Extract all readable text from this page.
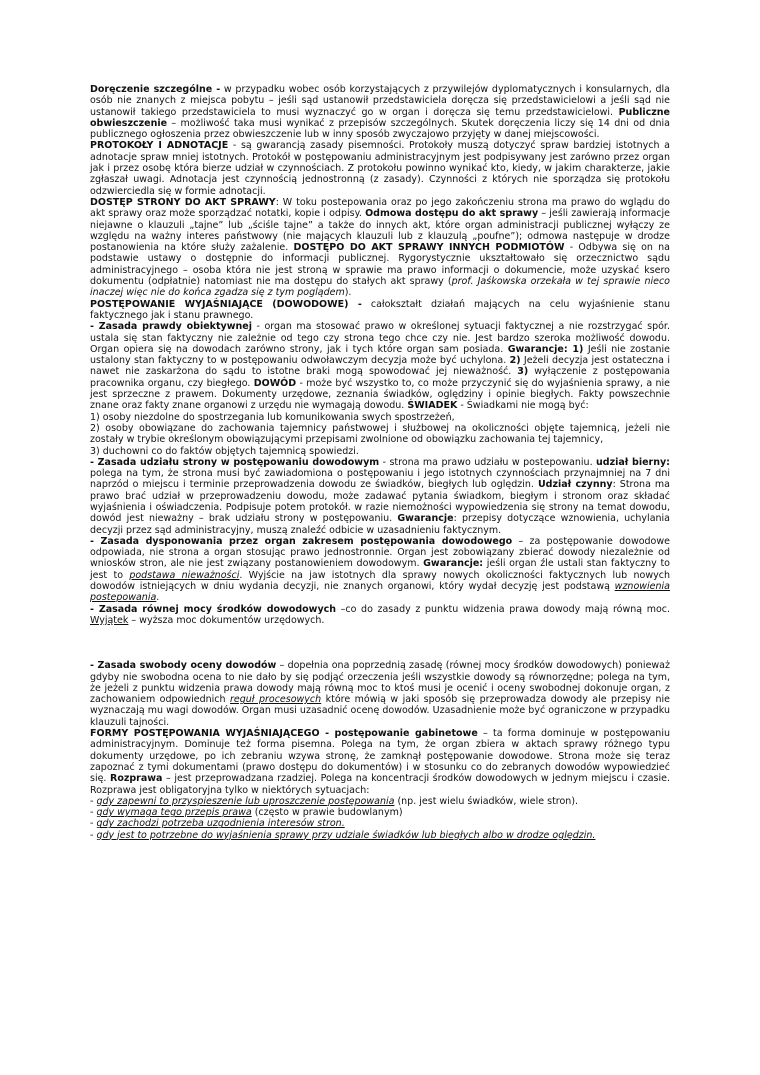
Doręczenie szczególne - w przypadku wobec osób korzystających z przywilejów dyplomatycznych i konsularnych, dla osób nie znanych z miejsca pobytu – jeśli sąd ustanowił przedstawiciela doręcza się przedstawicielowi a jeśli sąd nie ustanowił takiego przedstawiciela to musi wyznaczyć go w organ i doręcza się temu przedstawicielowi. Publiczne obwieszczenie – możliwość taka musi wynikać z przepisów szczególnych. Skutek doręczenia liczy się 14 dni od dnia publicznego ogłoszenia przez obwieszczenie lub w inny sposób zwyczajowo przyjęty w danej miejscowości.

PROTOKOŁY I ADNOTACJE - są gwarancją zasady pisemności. Protokoły muszą dotyczyć spraw bardziej istotnych a adnotacje spraw mniej istotnych. Protokół w postępowaniu administracyjnym jest podpisywany jest zarówno przez organ jak i przez osobę która bierze udział w czynnościach. Z protokołu powinno wynikać kto, kiedy, w jakim charakterze, jakie zgłaszał uwagi. Adnotacja jest czynnością jednostronną (z zasady). Czynności z których nie sporządza się protokołu odzwierciedla się w formie adnotacji.

DOSTĘP STRONY DO AKT SPRAWY: W toku postepowania oraz po jego zakończeniu strona ma prawo do wglądu do akt sprawy oraz może sporządzać notatki, kopie i odpisy. Odmowa dostępu do akt sprawy – jeśli zawierają informacje niejawne o klauzuli „tajne” lub „ściśle tajne” a także do innych akt, które organ administracji publicznej wyłączy ze względu na ważny interes państwowy (nie mających klauzuli lub z klauzulą „poufne”); odmowa następuje w drodze postanowienia na które służy zażalenie. DOSTĘPO DO AKT SPRAWY INNYCH PODMIOTÓW - Odbywa się on na podstawie ustawy o dostępnie do informacji publicznej. Rygorystycznie ukształtowało się orzecznictwo sądu administracyjnego – osoba która nie jest stroną w sprawie ma prawo informacji o dokumencie, może uzyskać ksero dokumentu (odpłatnie) natomiast nie ma dostępu do stałych akt sprawy (prof. Jaśkowska orzekała w tej sprawie nieco inaczej więc nie do końca zgadza się z tym poglądem).

POSTĘPOWANIE WYJAŚNIAJĄCE (DOWODOWE) - całokształt działań mających na celu wyjaśnienie stanu faktycznego jak i stanu prawnego.

- Zasada prawdy obiektywnej - organ ma stosować prawo w określonej sytuacji faktycznej a nie rozstrzygać spór. ustala się stan faktyczny nie zależnie od tego czy strona tego chce czy nie. Jest bardzo szeroka możliwość dowodu. Organ opiera się na dowodach zarówno strony, jak i tych które organ sam posiada. Gwarancje: 1) Jeśli nie zostanie ustalony stan faktyczny to w postępowaniu odwoławczym decyzja może być uchylona. 2) Jeżeli decyzja jest ostateczna i nawet nie zaskarżona do sądu to istotne braki mogą spowodować jej nieważność. 3) wyłączenie z postępowania pracownika organu, czy biegłego. DOWÓD - może być wszystko to, co może przyczynić się do wyjaśnienia sprawy, a nie jest sprzeczne z prawem. Dokumenty urzędowe, zeznania świadków, oględziny i opinie biegłych. Fakty powszechnie znane oraz fakty znane organowi z urzędu nie wymagają dowodu. ŚWIADEK - Świadkami nie mogą być:

1) osoby niezdolne do spostrzegania lub komunikowania swych spostrzeżeń,
2) osoby obowiązane do zachowania tajemnicy państwowej i służbowej na okoliczności objęte tajemnicą, jeżeli nie zostały w trybie określonym obowiązującymi przepisami zwolnione od obowiązku zachowania tej tajemnicy,
3) duchowni co do faktów objętych tajemnicą spowiedzi.

- Zasada udziału strony w postępowaniu dowodowym - strona ma prawo udziału w postepowaniu. udział bierny: polega na tym, że strona musi być zawiadomiona o postępowaniu i jego istotnych czynnościach przynajmniej na 7 dni naprzód o miejscu i terminie przeprowadzenia dowodu ze świadków, biegłych lub oględzin. Udział czynny: Strona ma prawo brać udział w przeprowadzeniu dowodu, może zadawać pytania świadkom, biegłym i stronom oraz składać wyjaśnienia i oświadczenia. Podpisuje potem protokół. w razie niemożności wypowiedzenia się strony na temat dowodu, dowód jest nieważny – brak udziału strony w postępowaniu. Gwarancje: przepisy dotyczące wznowienia, uchylania decyzji przez sąd administracyjny, muszą znaleźć odbicie w uzasadnieniu faktycznym.

- Zasada dysponowania przez organ zakresem postępowania dowodowego – za postępowanie dowodowe odpowiada, nie strona a organ stosując prawo jednostronnie. Organ jest zobowiązany zbierać dowody niezależnie od wniosków stron, ale nie jest związany postanowieniem dowodowym. Gwarancje: jeśli organ źle ustali stan faktyczny to jest to podstawa nieważności. Wyjście na jaw istotnych dla sprawy nowych okoliczności faktycznych lub nowych dowodów istniejących w dniu wydania decyzji, nie znanych organowi, który wydał decyzję jest podstawą wznowienia postepowania.

- Zasada równej mocy środków dowodowych –co do zasady z punktu widzenia prawa dowody mają równą moc. Wyjątek – wyższa moc dokumentów urzędowych.

- Zasada swobody oceny dowodów – dopełnia ona poprzednią zasadę (równej mocy środków dowodowych) ponieważ gdyby nie swobodna ocena to nie dało by się podjąć orzeczenia jeśli wszystkie dowody są równorzędne; polega na tym, że jeżeli z punktu widzenia prawa dowody mają równą moc to ktoś musi je ocenić i oceny swobodnej dokonuje organ, z zachowaniem odpowiednich reguł procesowych które mówią w jaki sposób się przeprowadza dowody ale przepisy nie wyznaczają mu wagi dowodów. Organ musi uzasadnić ocenę dowodów. Uzasadnienie może być ograniczone w przypadku klauzuli tajności.

FORMY POSTĘPOWANIA WYJAŚNIAJĄCEGO - postępowanie gabinetowe – ta forma dominuje w postępowaniu administracyjnym. Dominuje też forma pisemna. Polega na tym, że organ zbiera w aktach sprawy różnego typu dokumenty urzędowe, po ich zebraniu wzywa stronę, że zamknął postępowanie dowodowe. Strona może się teraz zapoznać z tymi dokumentami (prawo dostępu do dokumentów) i w stosunku co do zebranych dowodów wypowiedzieć się. Rozprawa – jest przeprowadzana rzadziej. Polega na koncentracji środków dowodowych w jednym miejscu i czasie. Rozprawa jest obligatoryjna tylko w niektórych sytuacjach:

- gdy zapewni to przyspieszenie lub uproszczenie postępowania (np. jest wielu świadków, wiele stron).
- gdy wymaga tego przepis prawa (często w prawie budowlanym)
- gdy zachodzi potrzeba uzgodnienia interesów stron.
- gdy jest to potrzebne do wyjaśnienia sprawy przy udziale świadków lub biegłych albo w drodze oględzin.
